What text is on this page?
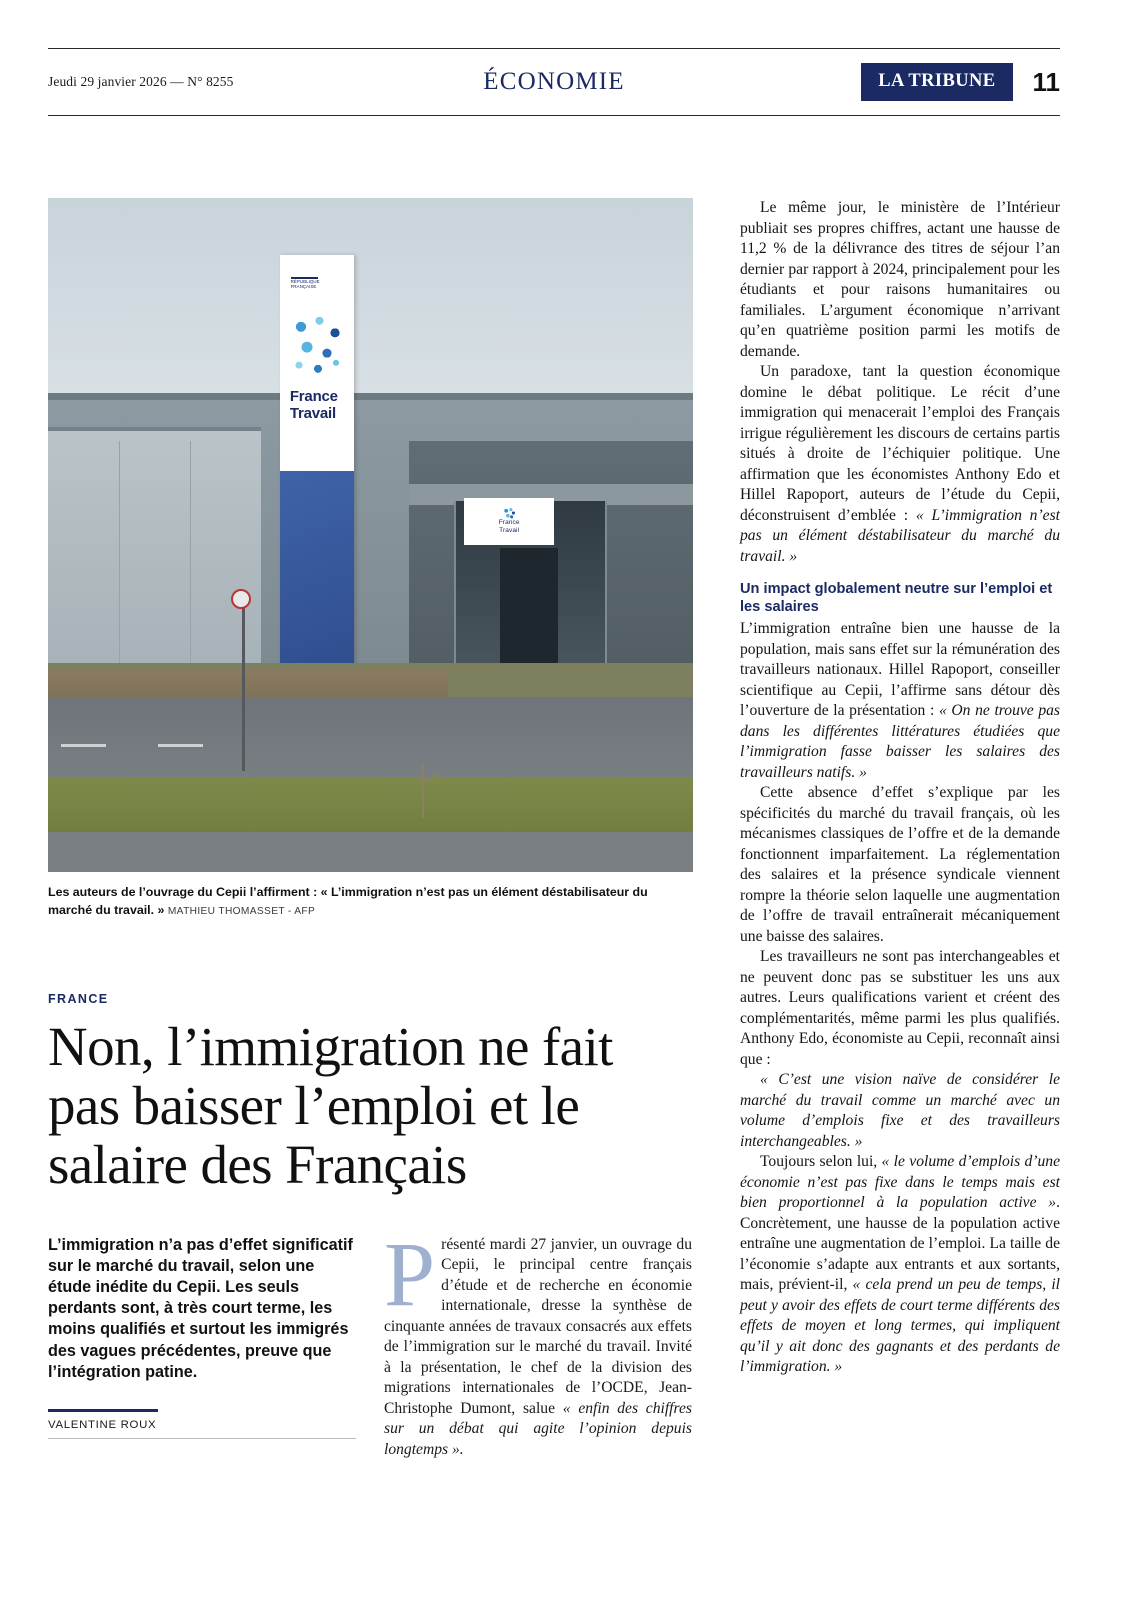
Jeudi 29 janvier 2026 — N° 8255	ÉCONOMIE	LA TRIBUNE	11
France
Travail
RÉPUBLIQUE
FRANÇAISE
France
Travail
Les auteurs de l’ouvrage du Cepii l’affirment : « L’immigration n’est pas un élément déstabilisateur du marché du travail. » MATHIEU THOMASSET - AFP
FRANCE
Non, l’immigration ne fait pas baisser l’emploi et le salaire des Français
L’immigration n’a pas d’effet significatif sur le marché du travail, selon une étude inédite du Cepii. Les seuls perdants sont, à très court terme, les moins qualifiés et surtout les immigrés des vagues précédentes, preuve que l’intégration patine.
VALENTINE ROUX

Présenté mardi 27 janvier, un ouvrage du Cepii, le principal centre français d’étude et de recherche en économie internationale, dresse la synthèse de cinquante années de travaux consacrés aux effets de l’immigration sur le marché du travail. Invité à la présentation, le chef de la division des migrations internationales de l’OCDE, Jean-Christophe Dumont, salue « enfin des chiffres sur un débat qui agite l’opinion depuis longtemps ».

Le même jour, le ministère de l’Intérieur publiait ses propres chiffres, actant une hausse de 11,2 % de la délivrance des titres de séjour l’an dernier par rapport à 2024, principalement pour les étudiants et pour raisons humanitaires ou familiales. L’argument économique n’arrivant qu’en quatrième position parmi les motifs de demande.

Un paradoxe, tant la question économique domine le débat politique. Le récit d’une immigration qui menacerait l’emploi des Français irrigue régulièrement les discours de certains partis situés à droite de l’échiquier politique. Une affirmation que les économistes Anthony Edo et Hillel Rapoport, auteurs de l’étude du Cepii, déconstruisent d’emblée : « L’immigration n’est pas un élément déstabilisateur du marché du travail. »

Un impact globalement neutre sur l’emploi et les salaires

L’immigration entraîne bien une hausse de la population, mais sans effet sur la rémunération des travailleurs nationaux. Hillel Rapoport, conseiller scientifique au Cepii, l’affirme sans détour dès l’ouverture de la présentation : « On ne trouve pas dans les différentes littératures étudiées que l’immigration fasse baisser les salaires des travailleurs natifs. »

Cette absence d’effet s’explique par les spécificités du marché du travail français, où les mécanismes classiques de l’offre et de la demande fonctionnent imparfaitement. La réglementation des salaires et la présence syndicale viennent rompre la théorie selon laquelle une augmentation de l’offre de travail entraînerait mécaniquement une baisse des salaires.

Les travailleurs ne sont pas interchangeables et ne peuvent donc pas se substituer les uns aux autres. Leurs qualifications varient et créent des complémentarités, même parmi les plus qualifiés. Anthony Edo, économiste au Cepii, reconnaît ainsi que :

« C’est une vision naïve de considérer le marché du travail comme un marché avec un volume d’emplois fixe et des travailleurs interchangeables. »

Toujours selon lui, « le volume d’emplois d’une économie n’est pas fixe dans le temps mais est bien proportionnel à la population active ». Concrètement, une hausse de la population active entraîne une augmentation de l’emploi. La taille de l’économie s’adapte aux entrants et aux sortants, mais, prévient-il, « cela prend un peu de temps, il peut y avoir des effets de court terme différents des effets de moyen et long termes, qui impliquent qu’il y ait donc des gagnants et des perdants de l’immigration. »
